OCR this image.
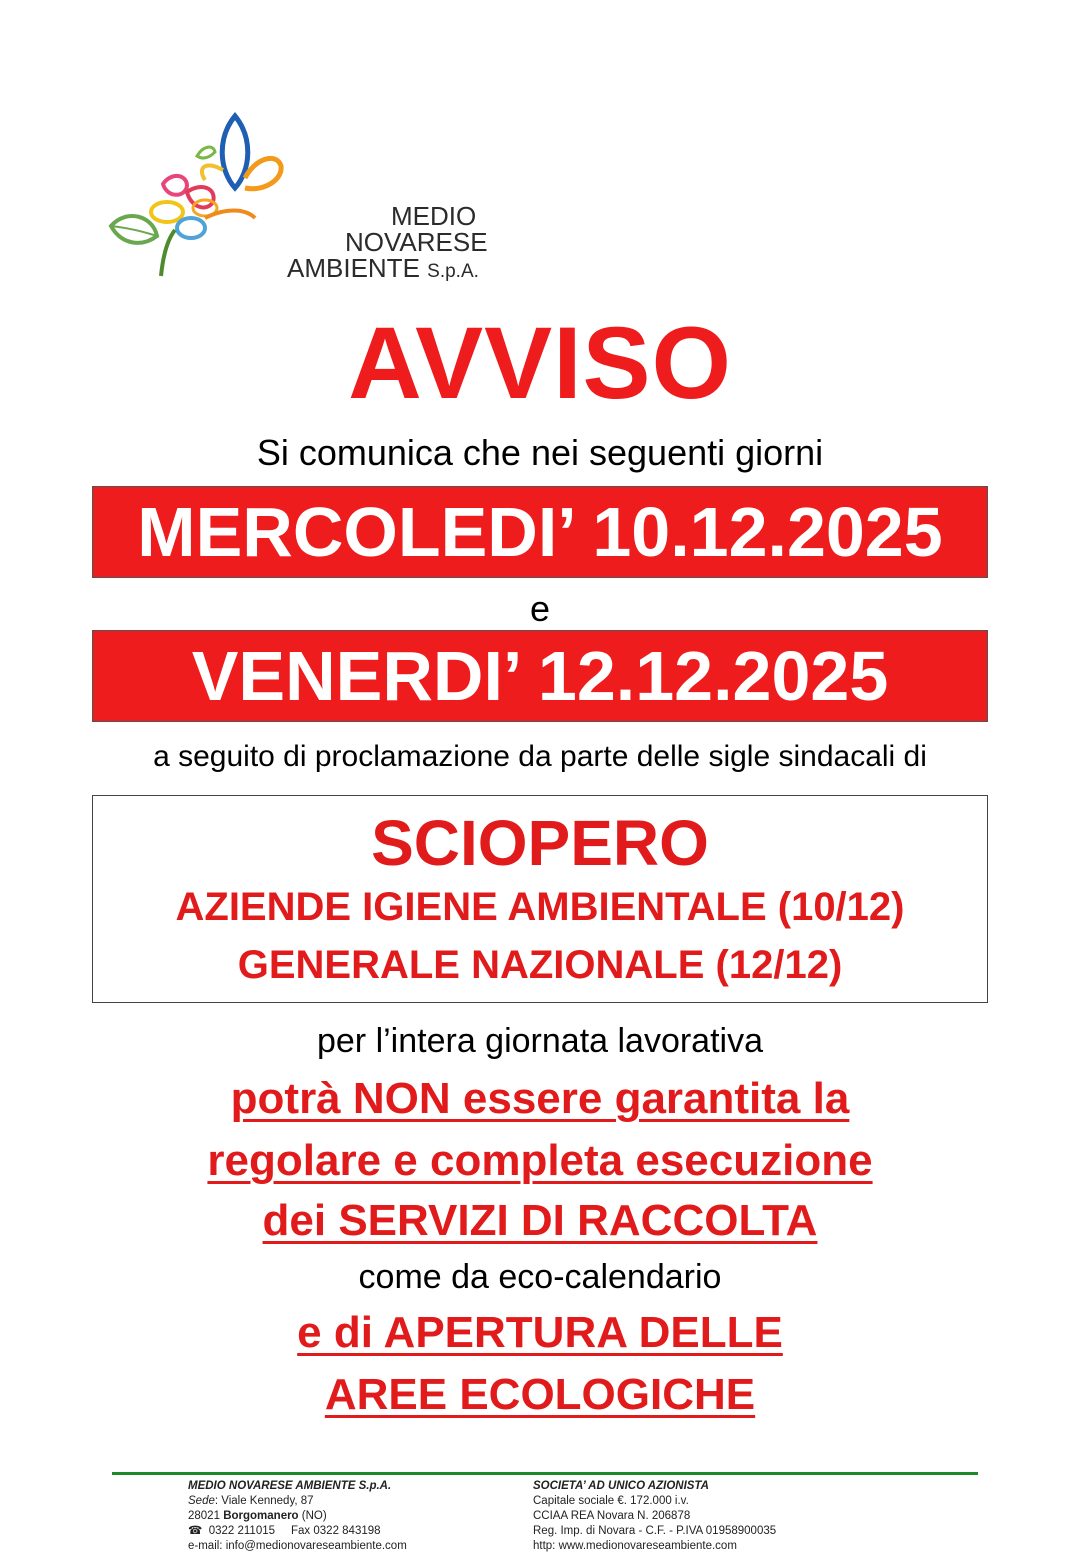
MEDIO
NOVARESE
AMBIENTE S.p.A.
AVVISO
Si comunica che nei seguenti giorni
MERCOLEDI’ 10.12.2025
e
VENERDI’ 12.12.2025
a seguito di proclamazione da parte delle sigle sindacali di
SCIOPERO
AZIENDE IGIENE AMBIENTALE (10/12)
GENERALE NAZIONALE (12/12)
per l’intera giornata lavorativa
potrà NON essere garantita la
regolare e completa esecuzione
dei SERVIZI DI RACCOLTA
come da eco-calendario
e di APERTURA DELLE
AREE ECOLOGICHE
MEDIO NOVARESE AMBIENTE S.p.A.
Sede: Viale Kennedy, 87
28021 Borgomanero (NO)
☎ 0322 211015 Fax 0322 843198
e-mail: info@medionovareseambiente.com
SOCIETA’ AD UNICO AZIONISTA
Capitale sociale €. 172.000 i.v.
CCIAA REA Novara N. 206878
Reg. Imp. di Novara - C.F. - P.IVA 01958900035
http: www.medionovareseambiente.com
